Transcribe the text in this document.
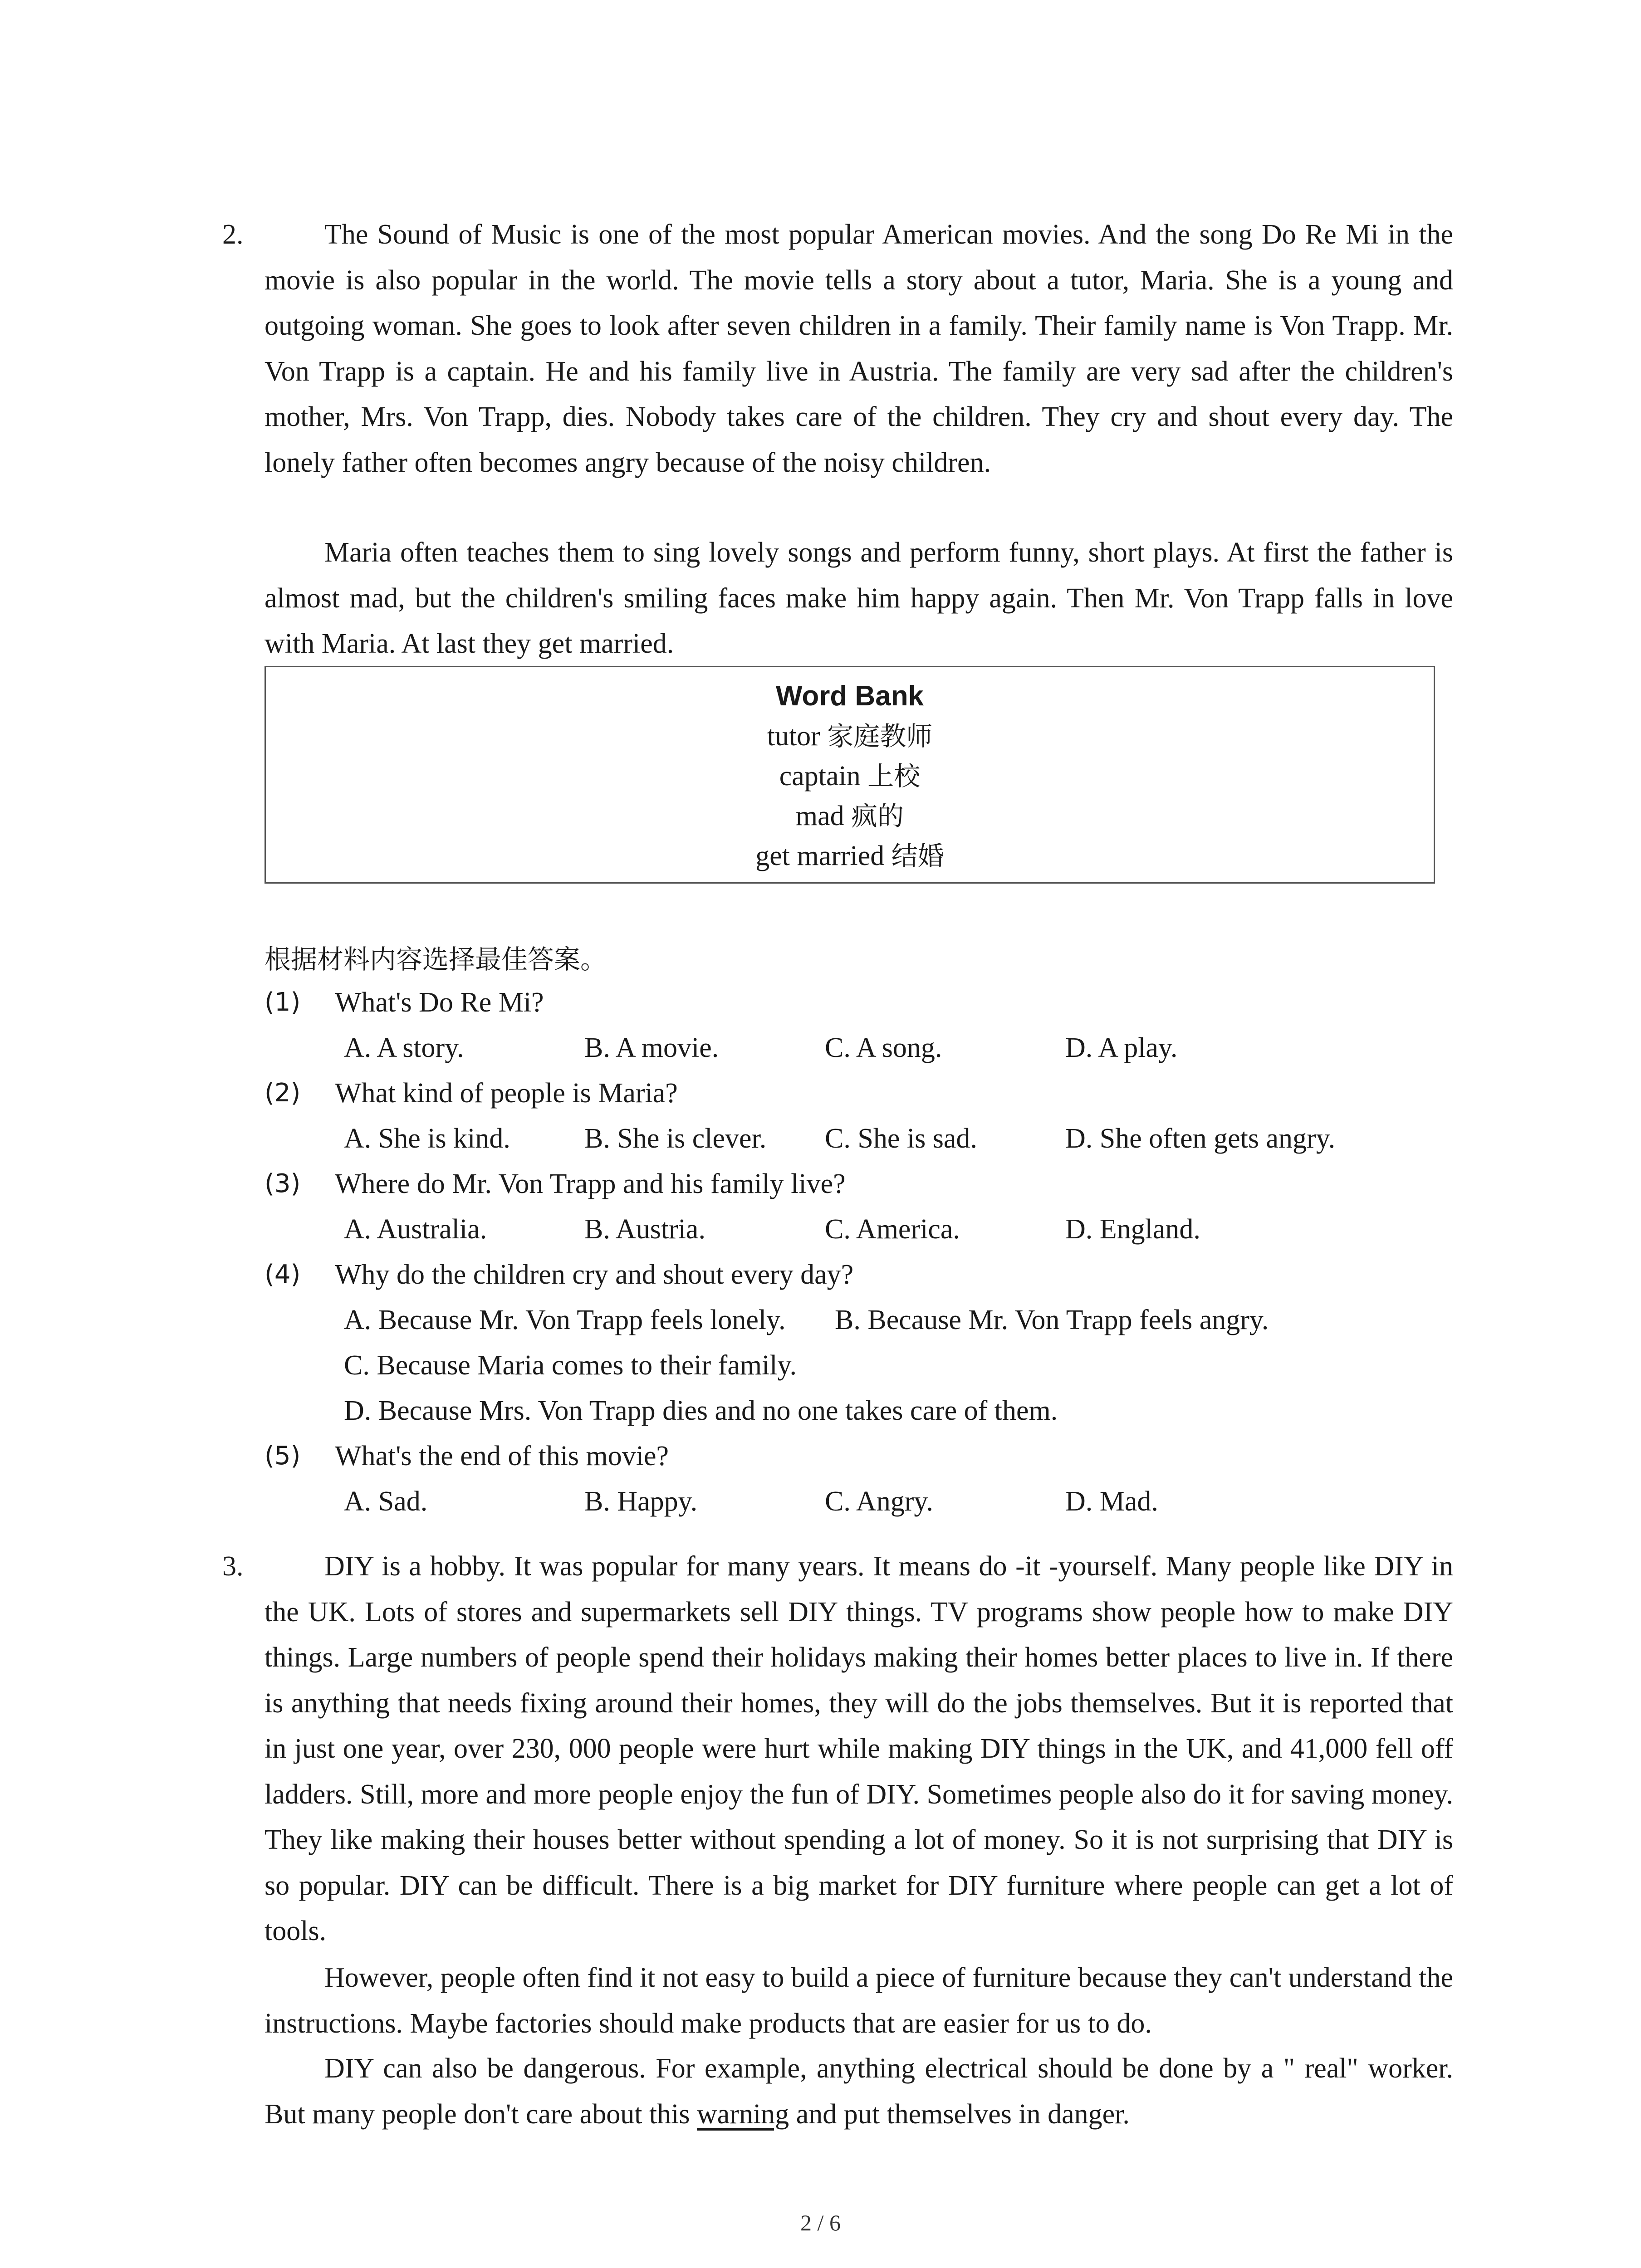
2.	The Sound of Music is one of the most popular American movies. And the song Do Re Mi in the movie is also popular in the world. The movie tells a story about a tutor, Maria. She is a young and outgoing woman. She goes to look after seven children in a family. Their family name is Von Trapp. Mr. Von Trapp is a captain. He and his family live in Austria. The family are very sad after the children's mother, Mrs. Von Trapp, dies. Nobody takes care of the children. They cry and shout every day. The lonely father often becomes angry because of the noisy children.

Maria often teaches them to sing lovely songs and perform funny, short plays. At first the father is almost mad, but the children's smiling faces make him happy again. Then Mr. Von Trapp falls in love with Maria. At last they get married.

Word Bank
tutor 家庭教师
captain 上校
mad 疯的
get married 结婚
根据材料内容选择最佳答案。
(1) What's Do Re Mi?
A. A story.	B. A movie.	C. A song.	D. A play.
(2) What kind of people is Maria?
A. She is kind.	B. She is clever. C. She is sad.	D. She often gets angry.
(3) Where do Mr. Von Trapp and his family live?
A. Australia.	B. Austria.	C. America.	D. England.
(4) Why do the children cry and shout every day?
A. Because Mr. Von Trapp feels lonely. B. Because Mr. Von Trapp feels angry.
C. Because Maria comes to their family.
D. Because Mrs. Von Trapp dies and no one takes care of them.
(5) What's the end of this movie?
A. Sad.	B. Happy.	C. Angry.	D. Mad.
3.	DIY is a hobby. It was popular for many years. It means do -it -yourself. Many people like DIY in the UK. Lots of stores and supermarkets sell DIY things. TV programs show people how to make DIY things. Large numbers of people spend their holidays making their homes better places to live in. If there is anything that needs fixing around their homes, they will do the jobs themselves. But it is reported that in just one year, over 230, 000 people were hurt while making DIY things in the UK, and 41,000 fell off ladders. Still, more and more people enjoy the fun of DIY. Sometimes people also do it for saving money. They like making their houses better without spending a lot of money. So it is not surprising that DIY is so popular. DIY can be difficult. There is a big market for DIY furniture where people can get a lot of tools.

However, people often find it not easy to build a piece of furniture because they can't understand the instructions. Maybe factories should make products that are easier for us to do.

DIY can also be dangerous. For example, anything electrical should be done by a " real" worker. But many people don't care about this warning and put themselves in danger.

2 / 6
